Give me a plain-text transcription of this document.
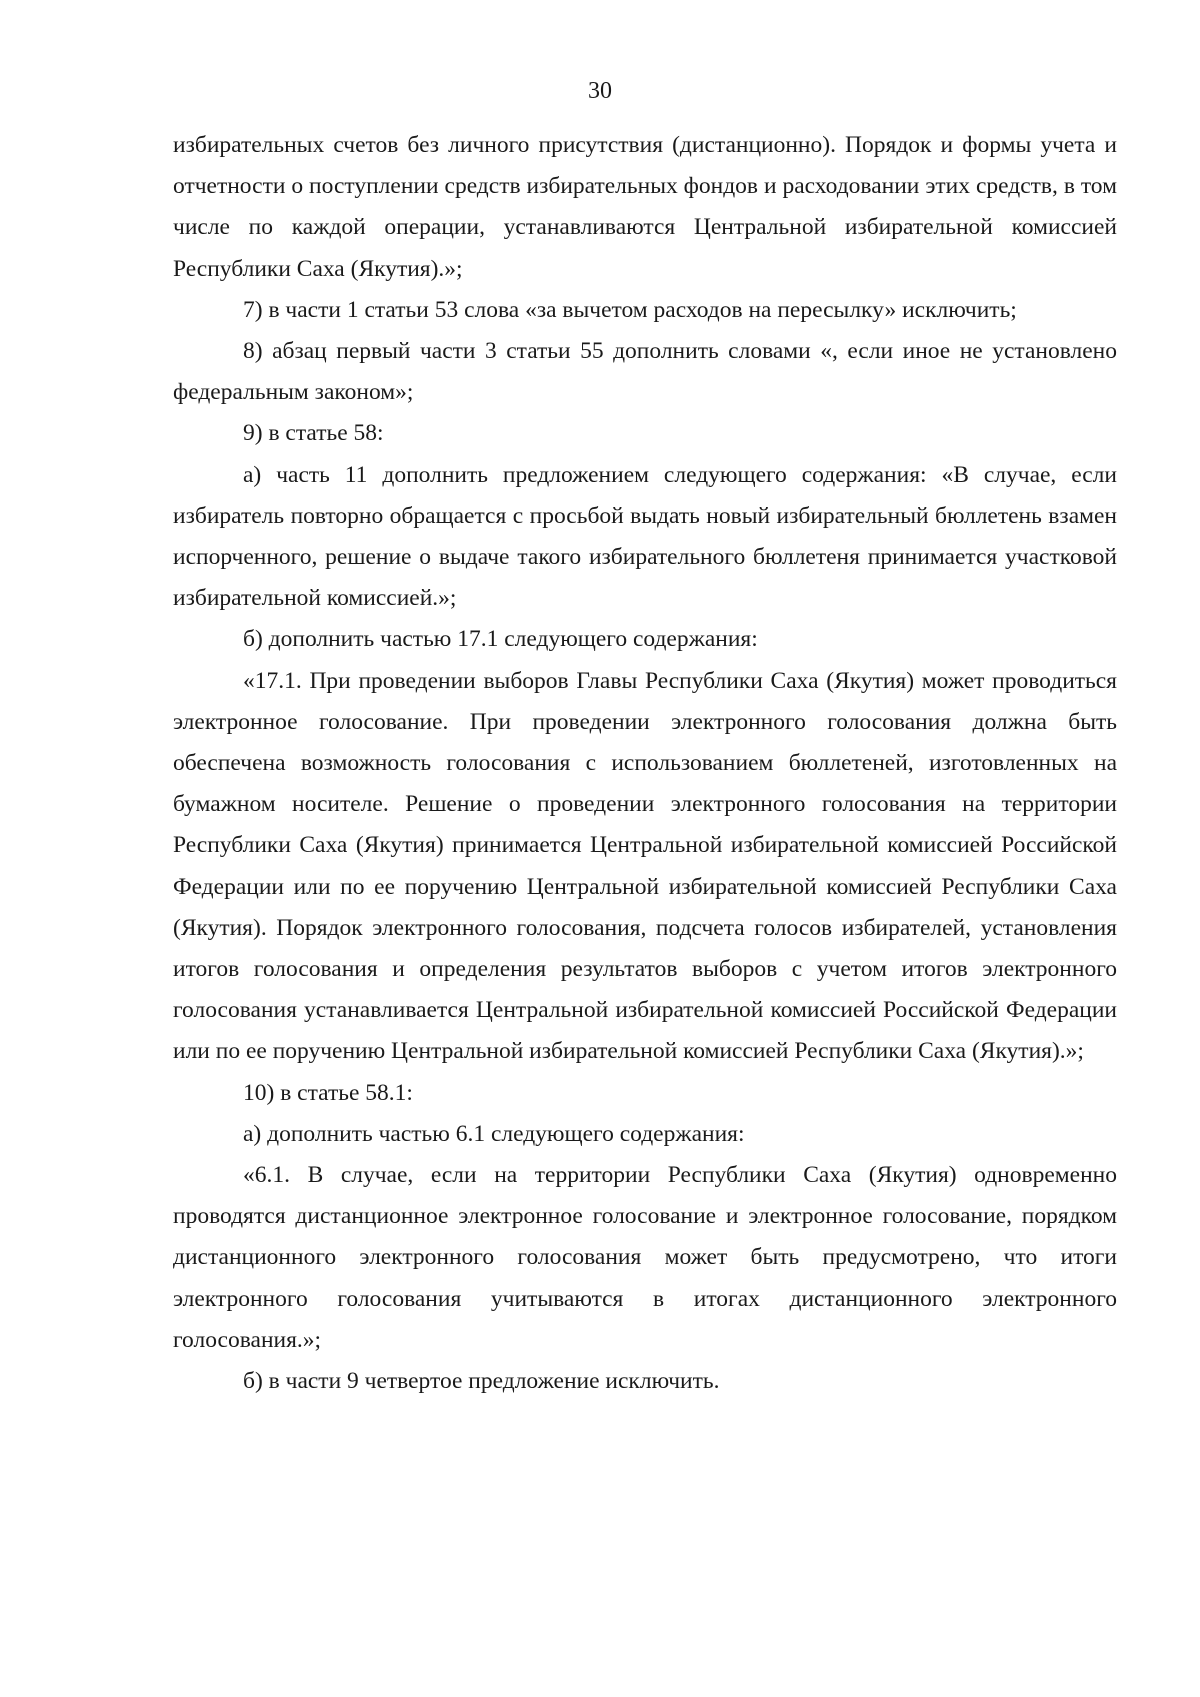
30

избирательных счетов без личного присутствия (дистанционно). Порядок и формы учета и отчетности о поступлении средств избирательных фондов и расходовании этих средств, в том числе по каждой операции, устанавливаются Центральной избирательной комиссией Республики Саха (Якутия).»;

7) в части 1 статьи 53 слова «за вычетом расходов на пересылку» исключить;

8) абзац первый части 3 статьи 55 дополнить словами «, если иное не установлено федеральным законом»;

9) в статье 58:

а) часть 11 дополнить предложением следующего содержания: «В случае, если избиратель повторно обращается с просьбой выдать новый избирательный бюллетень взамен испорченного, решение о выдаче такого избирательного бюллетеня принимается участковой избирательной комиссией.»;

б) дополнить частью 17.1 следующего содержания:

«17.1. При проведении выборов Главы Республики Саха (Якутия) может проводиться электронное голосование. При проведении электронного голосования должна быть обеспечена возможность голосования с использованием бюллетеней, изготовленных на бумажном носителе. Решение о проведении электронного голосования на территории Республики Саха (Якутия) принимается Центральной избирательной комиссией Российской Федерации или по ее поручению Центральной избирательной комиссией Республики Саха (Якутия). Порядок электронного голосования, подсчета голосов избирателей, установления итогов голосования и определения результатов выборов с учетом итогов электронного голосования устанавливается Центральной избирательной комиссией Российской Федерации или по ее поручению Центральной избирательной комиссией Республики Саха (Якутия).»;

10) в статье 58.1:

а) дополнить частью 6.1 следующего содержания:

«6.1. В случае, если на территории Республики Саха (Якутия) одновременно проводятся дистанционное электронное голосование и электронное голосование, порядком дистанционного электронного голосования может быть предусмотрено, что итоги электронного голосования учитываются в итогах дистанционного электронного голосования.»;

б) в части 9 четвертое предложение исключить.
